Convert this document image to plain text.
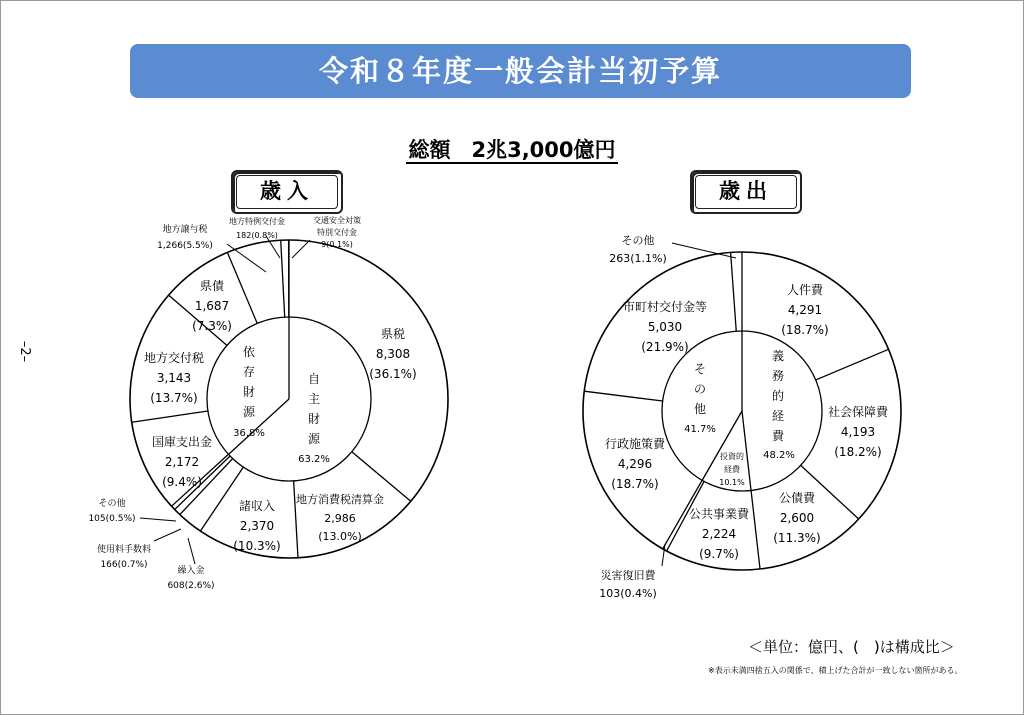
令和８年度一般会計当初予算
総額　2兆3,000億円
–2–
歳入	歳出
＜単位：億円、(　)は構成比＞
※表示未満四捨五入の関係で、積上げた合計が一致しない箇所がある。
依
存
財
源
36.8%
自
主
財
源
63.2%
県税
8,308
(36.1%)
地方消費税清算金
2,986
(13.0%)
諸収入
2,370
(10.3%)
繰入金
608(2.6%)
使用料手数料
166(0.7%)
その他
105(0.5%)
国庫支出金
2,172
(9.4%)
地方交付税
3,143
(13.7%)
県債
1,687
(7.3%)
地方譲与税
1,266(5.5%)
地方特例交付金
182(0.8%)
交通安全対策
特別交付金
9(0.1%)
義
務
的
経
費
48.2%
投資的
経費
10.1%
そ
の
他
41.7%
人件費
4,291
(18.7%)
社会保障費
4,193
(18.2%)
公債費
2,600
(11.3%)
公共事業費
2,224
(9.7%)
災害復旧費
103(0.4%)
行政施策費
4,296
(18.7%)
市町村交付金等
5,030
(21.9%)
その他
263(1.1%)
